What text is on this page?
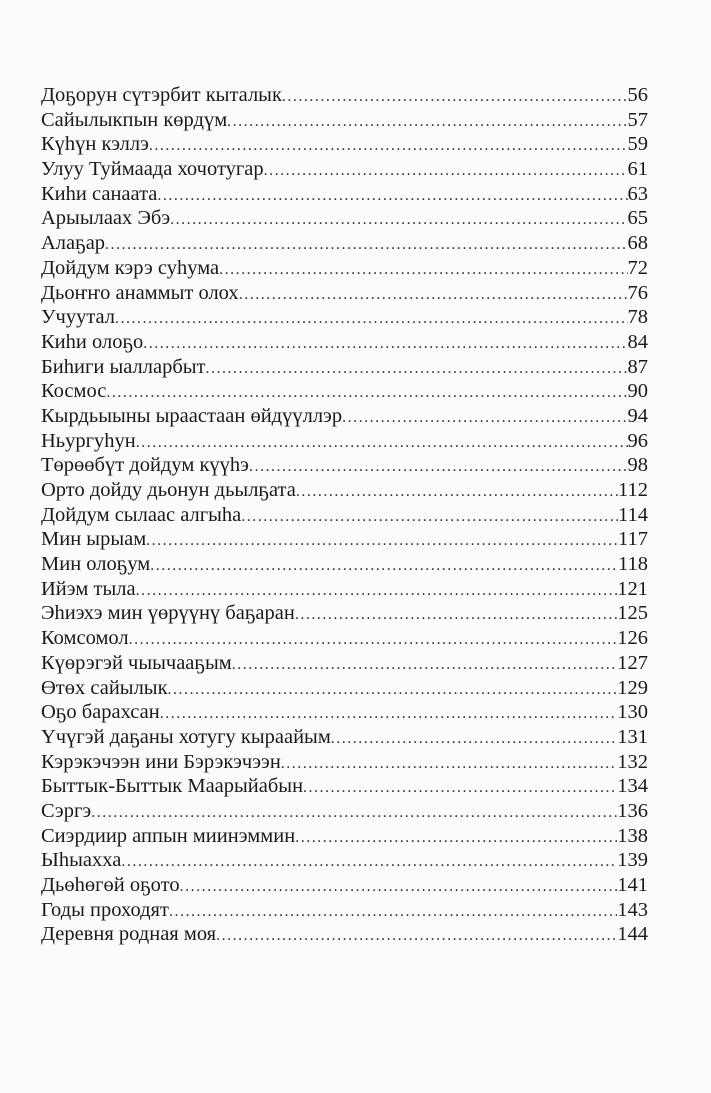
Доҕорун сүтэрбит кыталык .....	56
Сайылыкпын көрдүм .....	57
Күһүн кэллэ .....	59
Улуу Туймаада хочотугар .....	61
Киһи санаата .....	63
Арыылаах Эбэ .....	65
Алаҕар .....	68
Дойдум кэрэ суһума .....	72
Дьоҥҥо анаммыт олох .....	76
Учуутал .....	78
Киһи олоҕо .....	84
Биһиги ыалларбыт .....	87
Космос .....	90
Кырдьыыны ыраастаан өйдүүллэр .....	94
Ньургуһун .....	96
Төрөөбүт дойдум күүһэ .....	98
Орто дойду дьонун дьылҕата .....	112
Дойдум сылаас алгыһа .....	114
Мин ырыам .....	117
Мин олоҕум .....	118
Ийэм тыла .....	121
Эһиэхэ мин үөрүүнү баҕаран .....	125
Комсомол .....	126
Күөрэгэй чыычааҕым .....	127
Өтөх сайылык .....	129
Оҕо барахсан .....	130
Үчүгэй даҕаны хотугу кыраайым .....	131
Кэрэкэчээн ини Бэрэкэчээн .....	132
Быттык-Быттык Маарыйабын .....	134
Сэргэ .....	136
Сиэрдиир аппын миинэммин .....	138
Ыһыахха .....	139
Дьөһөгөй оҕото .....	141
Годы проходят .....	143
Деревня родная моя .....	144
